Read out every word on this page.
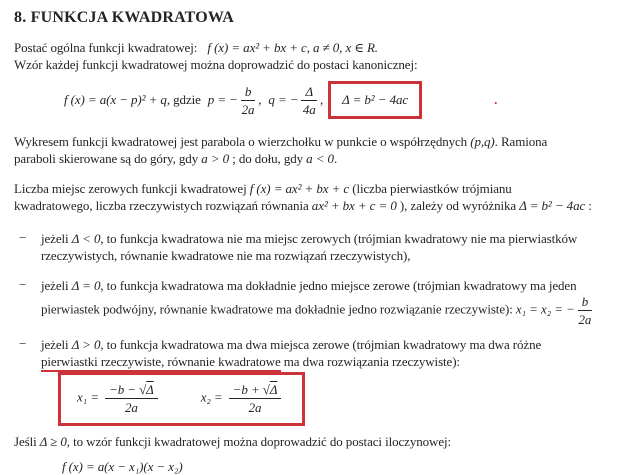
8. FUNKCJA KWADRATOWA
Postać ogólna funkcji kwadratowej: f (x) = ax² + bx + c, a ≠ 0, x ∈ R.
Wzór każdej funkcji kwadratowej można doprowadzić do postaci kanonicznej:
f (x) = a(x − p)² + q , gdzie p = − $\frac{b}{2a}$ , q = − $\frac{\Delta}{4a}$ , Δ = b² − 4ac	.
Wykresem funkcji kwadratowej jest parabola o wierzchołku w punkcie o współrzędnych (p,q). Ramiona
paraboli skierowane są do góry, gdy a > 0 ; do dołu, gdy a < 0.
Liczba miejsc zerowych funkcji kwadratowej f (x) = ax² + bx + c (liczba pierwiastków trójmianu
kwadratowego, liczba rzeczywistych rozwiązań równania ax² + bx + c = 0 ), zależy od wyróżnika Δ = b² − 4ac :
−	jeżeli Δ < 0, to funkcja kwadratowa nie ma miejsc zerowych (trójmian kwadratowy nie ma pierwiastków
rzeczywistych, równanie kwadratowe nie ma rozwiązań rzeczywistych),
−	jeżeli Δ = 0, to funkcja kwadratowa ma dokładnie jedno miejsce zerowe (trójmian kwadratowy ma jeden
pierwiastek podwójny, równanie kwadratowe ma dokładnie jedno rozwiązanie rzeczywiste): x₁ = x₂ = − $\frac{b}{2a}$
−	jeżeli Δ > 0, to funkcja kwadratowa ma dwa miejsca zerowe (trójmian kwadratowy ma dwa różne
pierwiastki rzeczywiste, równanie kwadratowe ma dwa rozwiązania rzeczywiste):
$x_1 = \frac{-b - √\Delta}{2a}$	$x_2 = \frac{-b + √\Delta}{2a}$
Jeśli Δ ≥ 0, to wzór funkcji kwadratowej można doprowadzić do postaci iloczynowej:
f (x) = a(x − x₁)(x − x₂)
